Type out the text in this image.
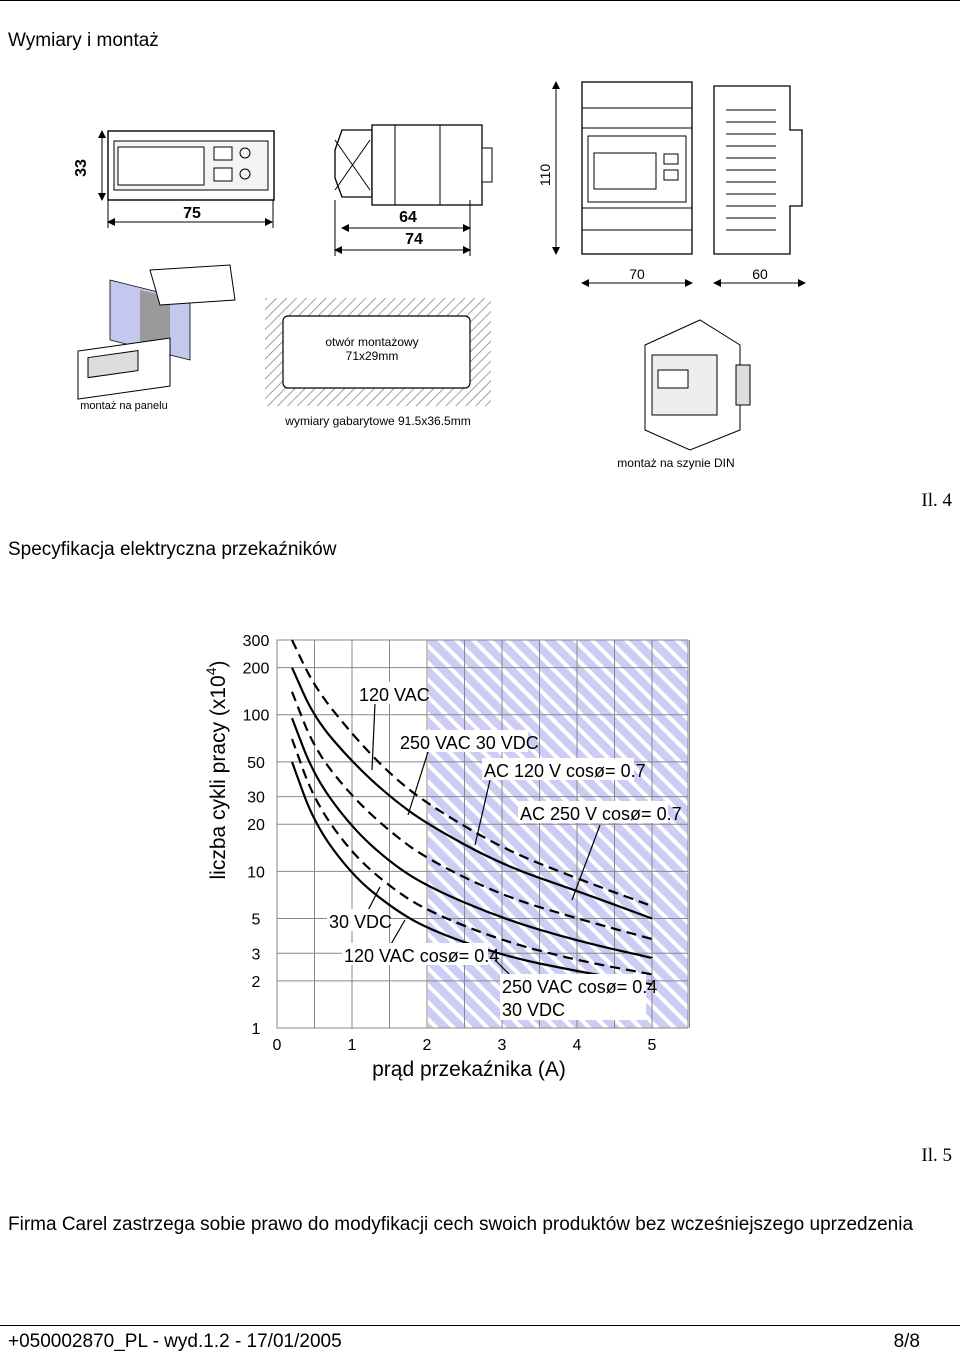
Wymiary i montaż
33
75	64
74
110
70	60
montaż na panelu
otwór montażowy
71x29mm
wymiary gabarytowe 91.5x36.5mm
montaż na szynie DIN
Il. 4
Specyfikacja elektryczna przekaźników
0	1	2	3	4	5
300
200
100
50
30
20
10
5
3
2
1
120 VAC
250 VAC 30 VDC
AC 120 V cosø= 0.7
AC 250 V cosø= 0.7
30 VDC
120 VAC cosø= 0.4
250 VAC cosø= 0.4
30 VDC
prąd przekaźnika (A)
liczba cykli pracy $(x10^4)$
Il. 5
Firma Carel zastrzega sobie prawo do modyfikacji cech swoich produktów bez wcześniejszego uprzedzenia
+050002870_PL - wyd.1.2 - 17/01/2005	8/8
